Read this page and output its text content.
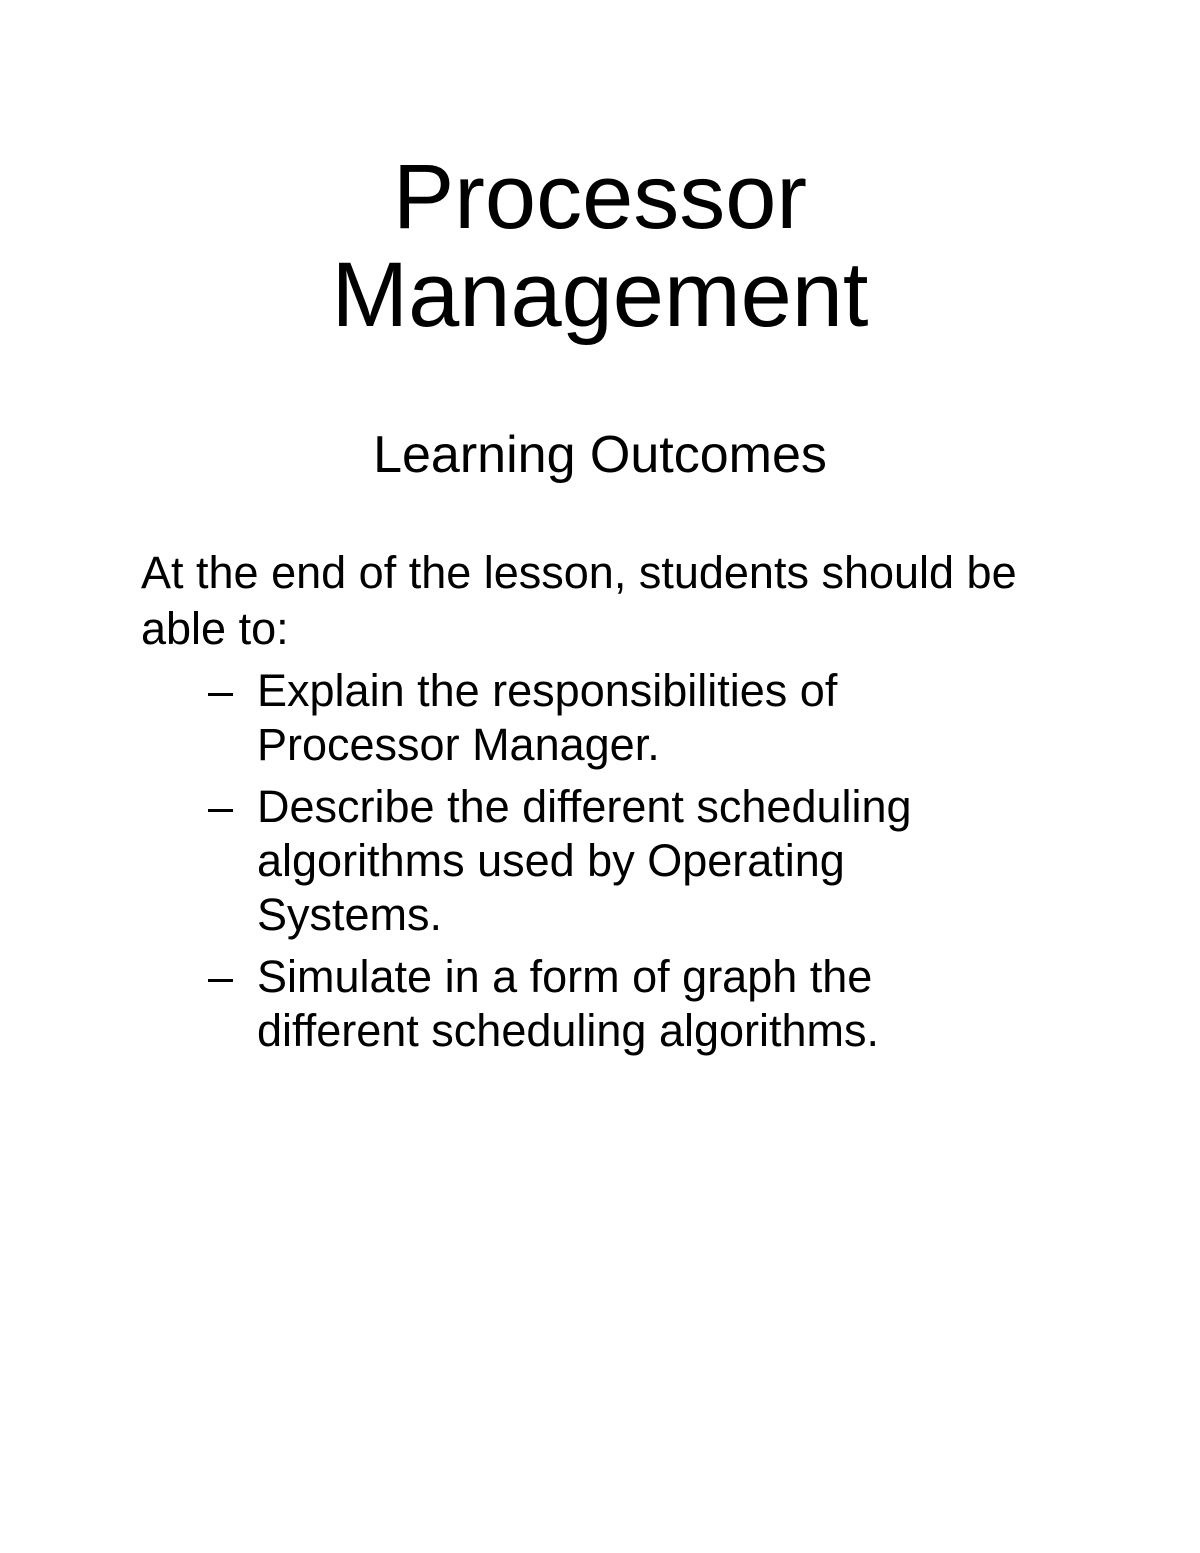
Processor
Management
Learning Outcomes

At the end of the lesson, students should be able to:

– Explain the responsibilities of Processor Manager.
– Describe the different scheduling algorithms used by Operating Systems.
– Simulate in a form of graph the different scheduling algorithms.
